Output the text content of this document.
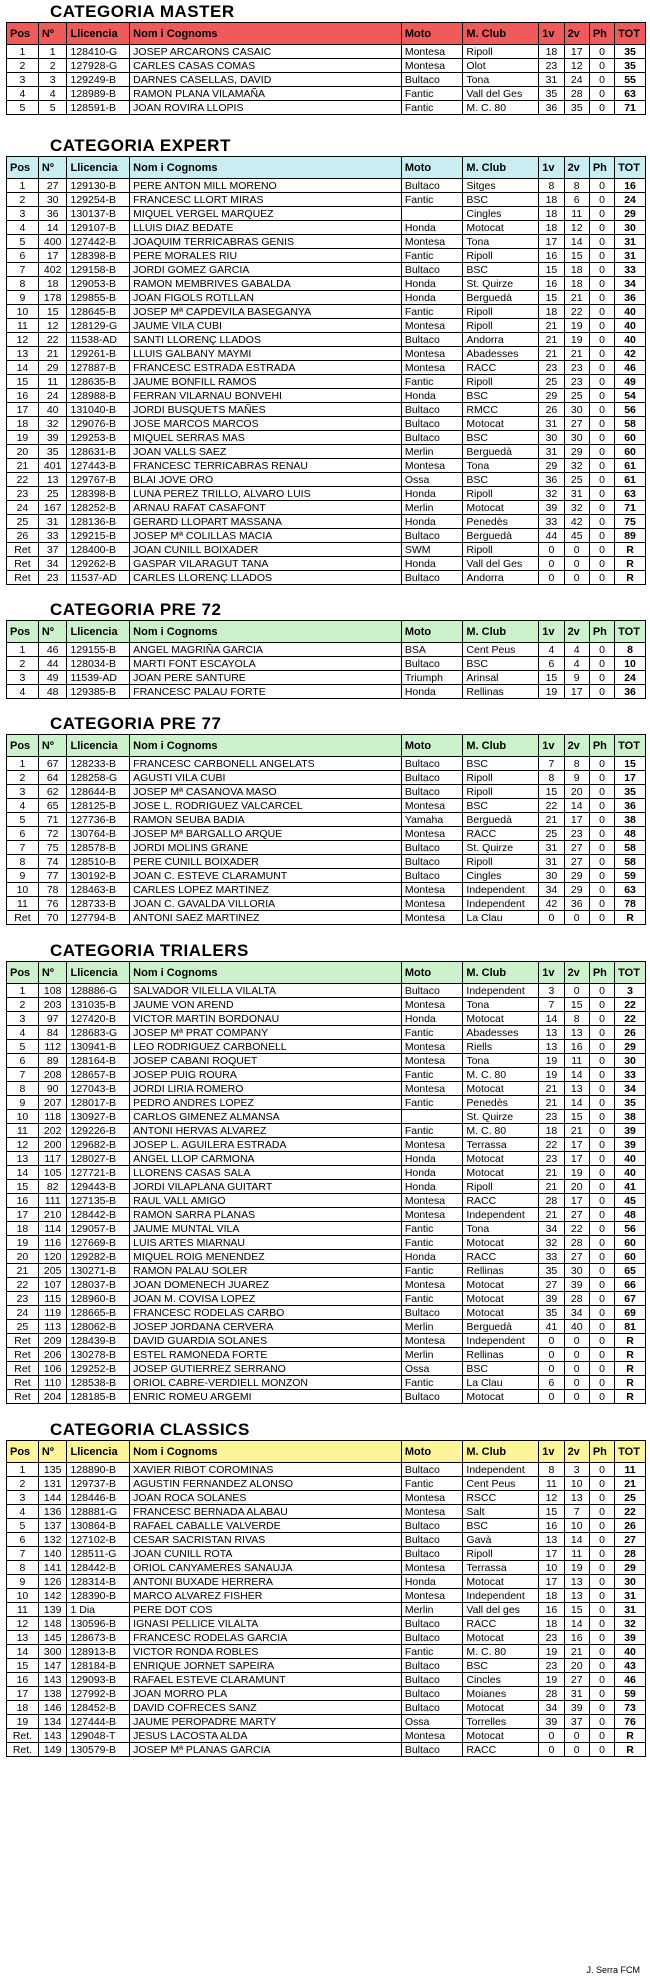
CATEGORIA MASTER
Pos	Nº	Llicencia	Nom i Cognoms	Moto	M. Club	1v	2v	Ph	TOT
1	1	128410-G	JOSEP ARCARONS CASAIC	Montesa	Ripoll	18	17	0	35
2	2	127928-G	CARLES CASAS COMAS	Montesa	Olot	23	12	0	35
3	3	129249-B	DARNES CASELLAS, DAVID	Bultaco	Tona	31	24	0	55
4	4	128989-B	RAMON PLANA VILAMAÑA	Fantic	Vall del Ges	35	28	0	63
5	5	128591-B	JOAN ROVIRA LLOPIS	Fantic	M. C. 80	36	35	0	71
CATEGORIA EXPERT
Pos	Nº	Llicencia	Nom i Cognoms	Moto	M. Club	1v	2v	Ph	TOT
1	27	129130-B	PERE ANTON MILL MORENO	Bultaco	Sitges	8	8	0	16
2	30	129254-B	FRANCESC LLORT MIRAS	Fantic	BSC	18	6	0	24
3	36	130137-B	MIQUEL VERGEL MARQUEZ		Cingles	18	11	0	29
4	14	129107-B	LLUIS DIAZ BEDATE	Honda	Motocat	18	12	0	30
5	400	127442-B	JOAQUIM TERRICABRAS GENIS	Montesa	Tona	17	14	0	31
6	17	128398-B	PERE MORALES RIU	Fantic	Ripoll	16	15	0	31
7	402	129158-B	JORDI GOMEZ GARCIA	Bultaco	BSC	15	18	0	33
8	18	129053-B	RAMON MEMBRIVES GABALDA	Honda	St. Quirze	16	18	0	34
9	178	129855-B	JOAN FIGOLS ROTLLAN	Honda	Berguedà	15	21	0	36
10	15	128645-B	JOSEP Mª CAPDEVILA BASEGANYA	Fantic	Ripoll	18	22	0	40
11	12	128129-G	JAUME VILA CUBI	Montesa	Ripoll	21	19	0	40
12	22	11538-AD	SANTI LLORENÇ LLADOS	Bultaco	Andorra	21	19	0	40
13	21	129261-B	LLUIS GALBANY MAYMI	Montesa	Abadesses	21	21	0	42
14	29	127887-B	FRANCESC ESTRADA ESTRADA	Montesa	RACC	23	23	0	46
15	11	128635-B	JAUME BONFILL RAMOS	Fantic	Ripoll	25	23	0	49
16	24	128988-B	FERRAN VILARNAU BONVEHI	Honda	BSC	29	25	0	54
17	40	131040-B	JORDI BUSQUETS MAÑES	Bultaco	RMCC	26	30	0	56
18	32	129076-B	JOSE MARCOS MARCOS	Bultaco	Motocat	31	27	0	58
19	39	129253-B	MIQUEL SERRAS MAS	Bultaco	BSC	30	30	0	60
20	35	128631-B	JOAN VALLS SAEZ	Merlin	Berguedà	31	29	0	60
21	401	127443-B	FRANCESC TERRICABRAS RENAU	Montesa	Tona	29	32	0	61
22	13	129767-B	BLAI JOVE ORO	Ossa	BSC	36	25	0	61
23	25	128398-B	LUNA PEREZ TRILLO, ALVARO LUIS	Honda	Ripoll	32	31	0	63
24	167	128252-B	ARNAU RAFAT CASAFONT	Merlin	Motocat	39	32	0	71
25	31	128136-B	GERARD LLOPART MASSANA	Honda	Penedès	33	42	0	75
26	33	129215-B	JOSEP Mª COLILLAS MACIA	Bultaco	Berguedà	44	45	0	89
Ret	37	128400-B	JOAN CUNILL BOIXADER	SWM	Ripoll	0	0	0	R
Ret	34	129262-B	GASPAR VILARAGUT TANA	Honda	Vall del Ges	0	0	0	R
Ret	23	11537-AD	CARLES LLORENÇ LLADOS	Bultaco	Andorra	0	0	0	R
CATEGORIA PRE 72
Pos	Nº	Llicencia	Nom i Cognoms	Moto	M. Club	1v	2v	Ph	TOT
1	46	129155-B	ANGEL MAGRIÑA GARCIA	BSA	Cent Peus	4	4	0	8
2	44	128034-B	MARTI FONT ESCAYOLA	Bultaco	BSC	6	4	0	10
3	49	11539-AD	JOAN PERE SANTURE	Triumph	Arinsal	15	9	0	24
4	48	129385-B	FRANCESC PALAU FORTE	Honda	Rellinas	19	17	0	36
CATEGORIA PRE 77
Pos	Nº	Llicencia	Nom i Cognoms	Moto	M. Club	1v	2v	Ph	TOT
1	67	128233-B	FRANCESC CARBONELL ANGELATS	Bultaco	BSC	7	8	0	15
2	64	128258-G	AGUSTI VILA CUBI	Bultaco	Ripoll	8	9	0	17
3	62	128644-B	JOSEP Mª CASANOVA MASO	Bultaco	Ripoll	15	20	0	35
4	65	128125-B	JOSE L. RODRIGUEZ VALCARCEL	Montesa	BSC	22	14	0	36
5	71	127736-B	RAMON SEUBA BADIA	Yamaha	Berguedà	21	17	0	38
6	72	130764-B	JOSEP Mª BARGALLO ARQUE	Montesa	RACC	25	23	0	48
7	75	128578-B	JORDI MOLINS GRANE	Bultaco	St. Quirze	31	27	0	58
8	74	128510-B	PERE CUNILL BOIXADER	Bultaco	Ripoll	31	27	0	58
9	77	130192-B	JOAN C. ESTEVE CLARAMUNT	Bultaco	Cingles	30	29	0	59
10	78	128463-B	CARLES LOPEZ MARTINEZ	Montesa	Independent	34	29	0	63
11	76	128733-B	JOAN C. GAVALDA VILLORIA	Montesa	Independent	42	36	0	78
Ret	70	127794-B	ANTONI SAEZ MARTINEZ	Montesa	La Clau	0	0	0	R
CATEGORIA TRIALERS
Pos	Nº	Llicencia	Nom i Cognoms	Moto	M. Club	1v	2v	Ph	TOT
1	108	128886-G	SALVADOR VILELLA VILALTA	Bultaco	Independent	3	0	0	3
2	203	131035-B	JAUME VON AREND	Montesa	Tona	7	15	0	22
3	97	127420-B	VICTOR MARTIN BORDONAU	Honda	Motocat	14	8	0	22
4	84	128683-G	JOSEP Mª PRAT COMPANY	Fantic	Abadesses	13	13	0	26
5	112	130941-B	LEO RODRIGUEZ CARBONELL	Montesa	Riells	13	16	0	29
6	89	128164-B	JOSEP CABANI ROQUET	Montesa	Tona	19	11	0	30
7	208	128657-B	JOSEP PUIG ROURA	Fantic	M. C. 80	19	14	0	33
8	90	127043-B	JORDI LIRIA ROMERO	Montesa	Motocat	21	13	0	34
9	207	128017-B	PEDRO ANDRES LOPEZ	Fantic	Penedès	21	14	0	35
10	118	130927-B	CARLOS GIMENEZ ALMANSA		St. Quirze	23	15	0	38
11	202	129226-B	ANTONI HERVAS ALVAREZ	Fantic	M. C. 80	18	21	0	39
12	200	129682-B	JOSEP L. AGUILERA ESTRADA	Montesa	Terrassa	22	17	0	39
13	117	128027-B	ANGEL LLOP CARMONA	Honda	Motocat	23	17	0	40
14	105	127721-B	LLORENS CASAS SALA	Honda	Motocat	21	19	0	40
15	82	129443-B	JORDI VILAPLANA GUITART	Honda	Ripoll	21	20	0	41
16	111	127135-B	RAUL VALL AMIGO	Montesa	RACC	28	17	0	45
17	210	128442-B	RAMON SARRA PLANAS	Montesa	Independent	21	27	0	48
18	114	129057-B	JAUME MUNTAL VILA	Fantic	Tona	34	22	0	56
19	116	127669-B	LUIS ARTES MIARNAU	Fantic	Motocat	32	28	0	60
20	120	129282-B	MIQUEL ROIG MENENDEZ	Honda	RACC	33	27	0	60
21	205	130271-B	RAMON PALAU SOLER	Fantic	Rellinas	35	30	0	65
22	107	128037-B	JOAN DOMENECH JUAREZ	Montesa	Motocat	27	39	0	66
23	115	128960-B	JOAN M. COVISA LOPEZ	Fantic	Motocat	39	28	0	67
24	119	128665-B	FRANCESC RODELAS CARBO	Bultaco	Motocat	35	34	0	69
25	113	128062-B	JOSEP JORDANA CERVERA	Merlin	Berguedà	41	40	0	81
Ret	209	128439-B	DAVID GUARDIA SOLANES	Montesa	Independent	0	0	0	R
Ret	206	130278-B	ESTEL RAMONEDA FORTE	Merlin	Rellinas	0	0	0	R
Ret	106	129252-B	JOSEP GUTIERREZ SERRANO	Ossa	BSC	0	0	0	R
Ret	110	128538-B	ORIOL CABRE-VERDIELL MONZON	Fantic	La Clau	6	0	0	R
Ret	204	128185-B	ENRIC ROMEU ARGEMI	Bultaco	Motocat	0	0	0	R
CATEGORIA CLASSICS
Pos	Nº	Llicencia	Nom i Cognoms	Moto	M. Club	1v	2v	Ph	TOT
1	135	128890-B	XAVIER RIBOT COROMINAS	Bultaco	Independent	8	3	0	11
2	131	129737-B	AGUSTIN FERNANDEZ ALONSO	Fantic	Cent Peus	11	10	0	21
3	144	128446-B	JOAN ROCA SOLANES	Montesa	RSCC	12	13	0	25
4	136	128881-G	FRANCESC BERNADA ALABAU	Montesa	Salt	15	7	0	22
5	137	130864-B	RAFAEL CABALLE VALVERDE	Bultaco	BSC	16	10	0	26
6	132	127102-B	CESAR SACRISTAN RIVAS	Bultaco	Gavà	13	14	0	27
7	140	128511-G	JOAN CUNILL ROTA	Bultaco	Ripoll	17	11	0	28
8	141	128442-B	ORIOL CANYAMERES SANAUJA	Montesa	Terrassa	10	19	0	29
9	126	128314-B	ANTONI BUXADE HERRERA	Honda	Motocat	17	13	0	30
10	142	128390-B	MARCO ALVAREZ FISHER	Montesa	Independent	18	13	0	31
11	139	1 Dia	PERE DOT COS	Merlin	Vall del ges	16	15	0	31
12	148	130596-B	IGNASI PELLICE VILALTA	Bultaco	RACC	18	14	0	32
13	145	128673-B	FRANCESC RODELAS GARCIA	Bultaco	Motocat	23	16	0	39
14	300	128913-B	VICTOR RONDA ROBLES	Fantic	M. C. 80	19	21	0	40
15	147	128184-B	ENRIQUE JORNET SAPEIRA	Bultaco	BSC	23	20	0	43
16	143	129093-B	RAFAEL ESTEVE CLARAMUNT	Bultaco	Cincles	19	27	0	46
17	138	127992-B	JOAN MORRO PLA	Bultaco	Moianes	28	31	0	59
18	146	128452-B	DAVID COFRECES SANZ	Bultaco	Motocat	34	39	0	73
19	134	127444-B	JAUME PEROPADRE MARTY	Ossa	Torrelles	39	37	0	76
Ret.	143	129048-T	JESUS LACOSTA ALDA	Montesa	Motocat	0	0	0	R
Ret.	149	130579-B	JOSEP Mª PLANAS GARCIA	Bultaco	RACC	0	0	0	R
J. Serra FCM
